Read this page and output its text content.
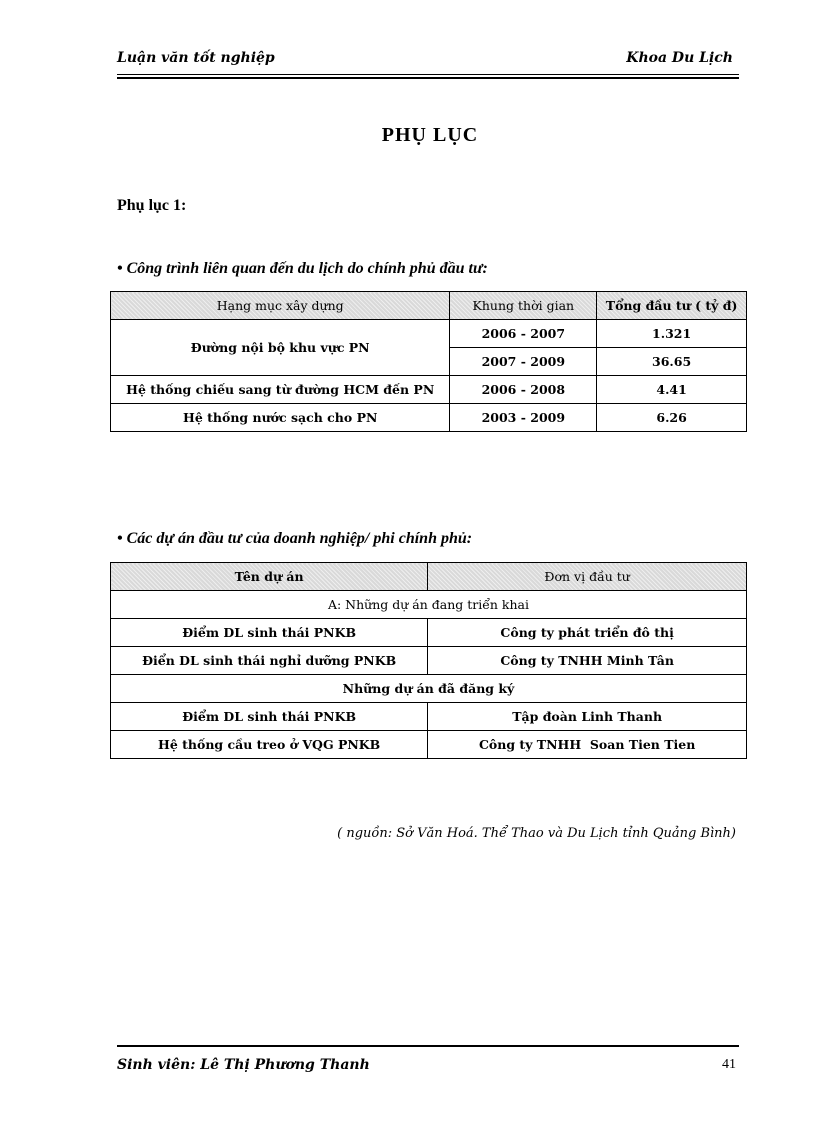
Luận văn tốt nghiệp	Khoa Du Lịch
PHỤ LỤC
Phụ lục 1:
• Công trình liên quan đến du lịch do chính phủ đầu tư:
Hạng mục xây dựng	Khung thời gian	Tổng đầu tư ( tỷ đ)
Đường nội bộ khu vực PN	2006 - 2007	1.321
	2007 - 2009	36.65
Hệ thống chiếu sang từ đường HCM đến PN	2006 - 2008	4.41
Hệ thống nước sạch cho PN	2003 - 2009	6.26
• Các dự án đầu tư của doanh nghiệp/ phi chính phủ:
Tên dự án	Đơn vị đầu tư
A: Những dự án đang triển khai	
Điểm DL sinh thái PNKB	Công ty phát triển đô thị
Điển DL sinh thái nghỉ dưỡng PNKB	Công ty TNHH Minh Tân
Những dự án đã đăng ký	
Điểm DL sinh thái PNKB	Tập đoàn Linh Thanh
Hệ thống cầu treo ở VQG PNKB	Công ty TNHH  Soan Tien Tien
( nguồn: Sở Văn Hoá. Thể Thao và Du Lịch tỉnh Quảng Bình)
Sinh viên: Lê Thị Phương Thanh	41
